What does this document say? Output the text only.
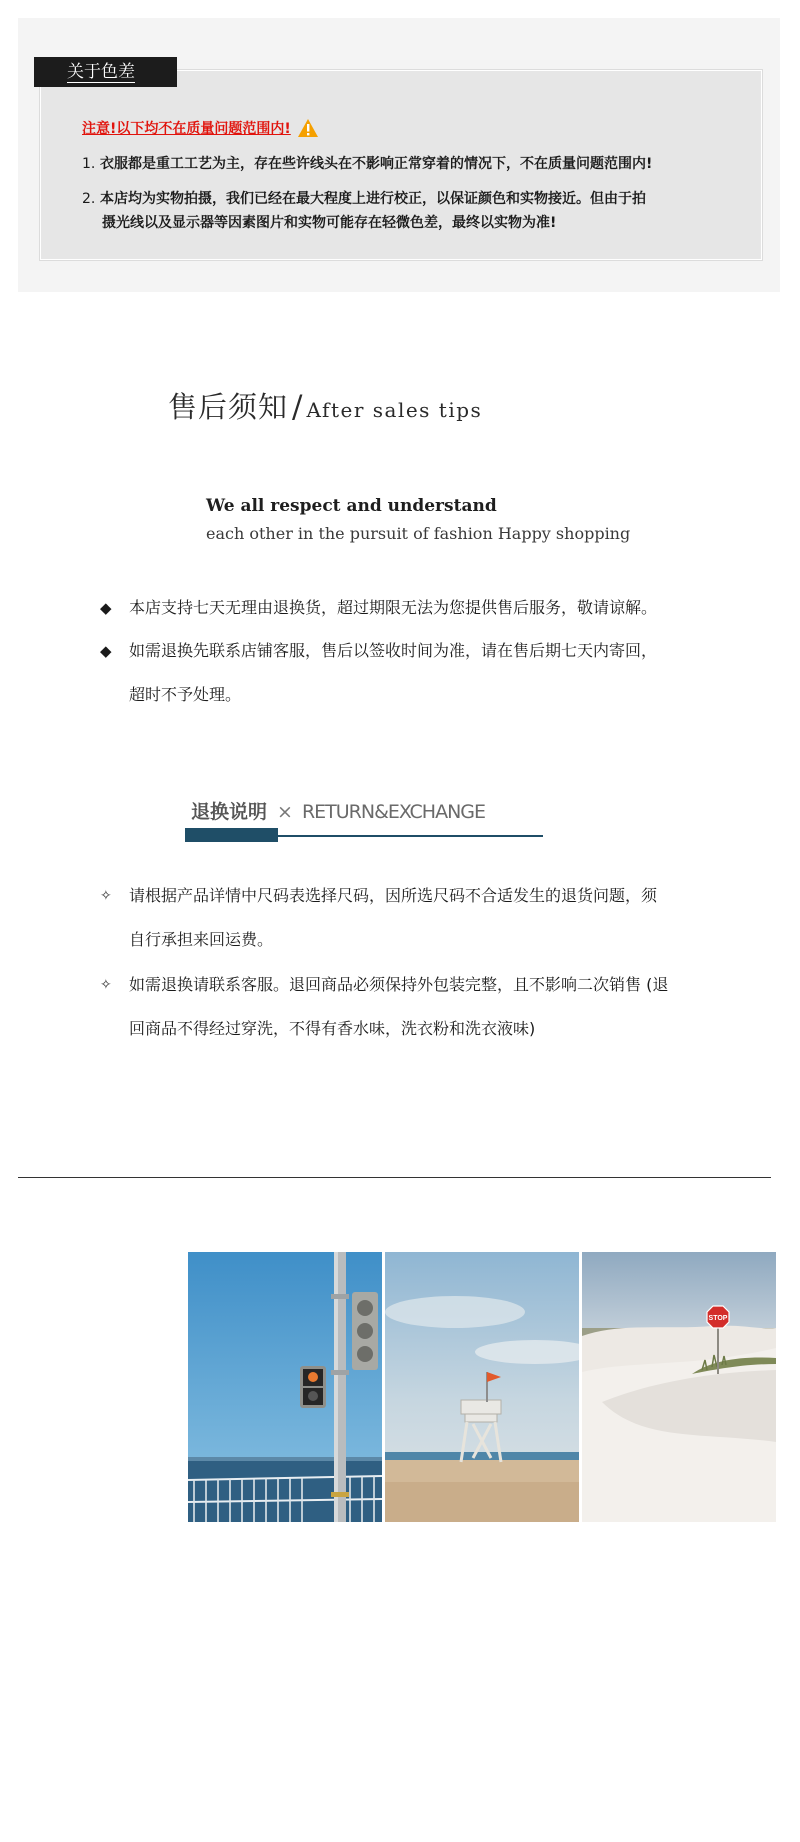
关于色差
注意!以下均不在质量问题范围内!
1. 衣服都是重工工艺为主，存在些许线头在不影响正常穿着的情况下，不在质量问题范围内!
2. 本店均为实物拍摄，我们已经在最大程度上进行校正，以保证颜色和实物接近。但由于拍
摄光线以及显示器等因素图片和实物可能存在轻微色差，最终以实物为准!
售后须知 / After sales tips
We all respect and understand
each other in the pursuit of fashion Happy shopping
◆	本店支持七天无理由退换货，超过期限无法为您提供售后服务，敬请谅解。
◆	如需退换先联系店铺客服，售后以签收时间为准，请在售后期七天内寄回，
超时不予处理。
退换说明 × RETURN&EXCHANGE
✧	请根据产品详情中尺码表选择尺码，因所选尺码不合适发生的退货问题，须
自行承担来回运费。
✧	如需退换请联系客服。退回商品必须保持外包装完整，且不影响二次销售 (退
回商品不得经过穿洗，不得有香水味，洗衣粉和洗衣液味)
STOP
